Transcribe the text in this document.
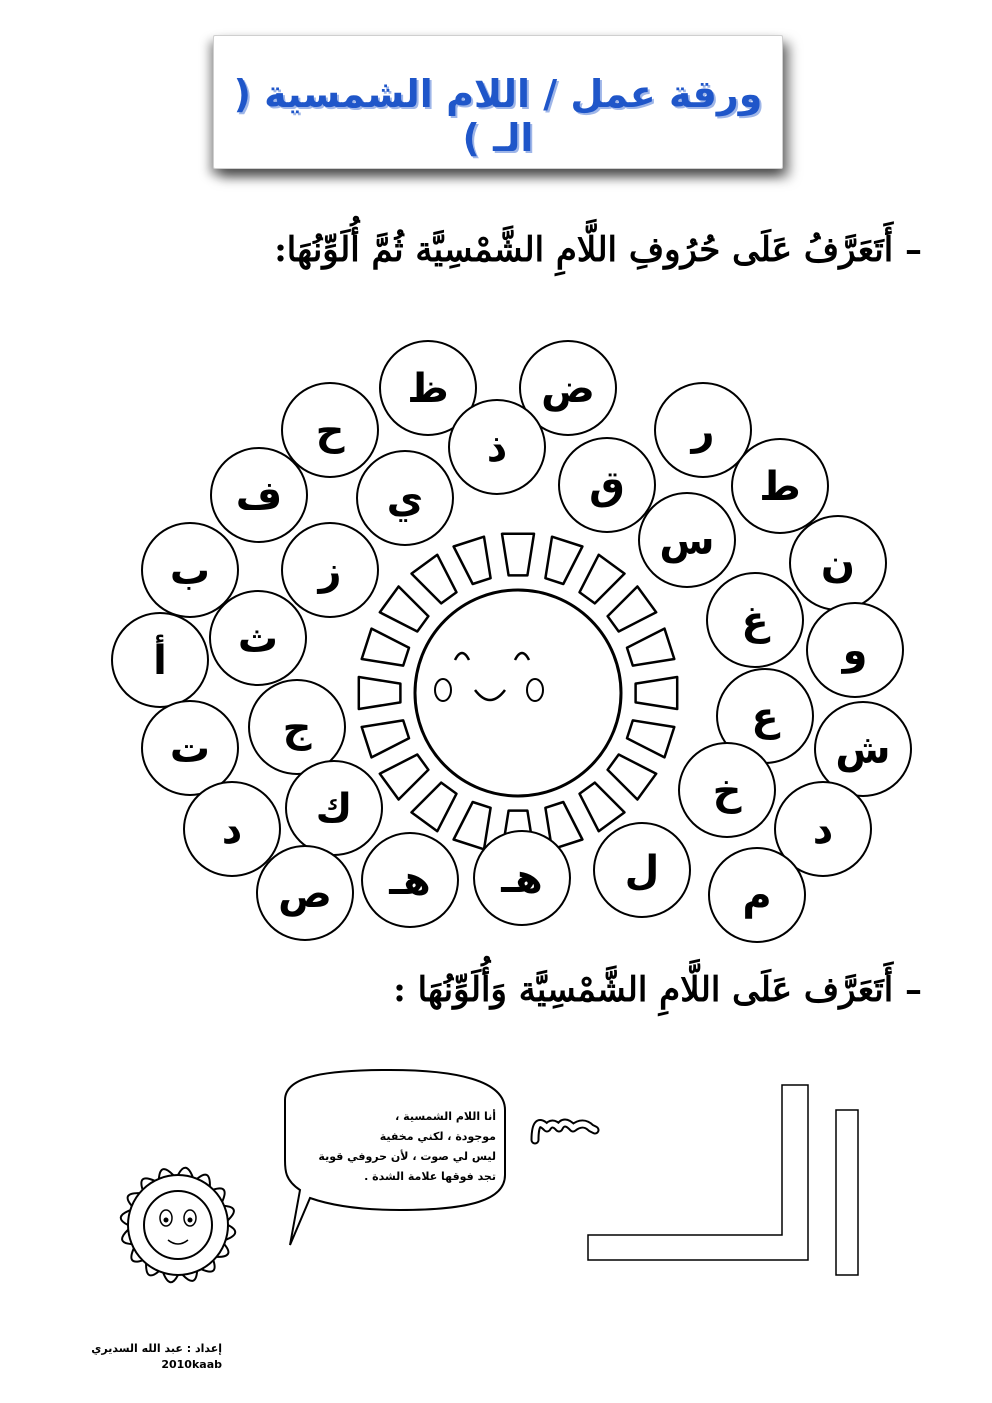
ورقة عمل / اللام الشمسية ( الـ )
– أَتَعَرَّفُ عَلَى حُرُوفِ اللَّامِ الشَّمْسِيَّة ثُمَّ أُلَوِّنُهَا:
ظ ض
ح	ذ	ر
ف	ي	ق	ط
ب	ز
س	ن
ث	غ
أ	و
ج	ع
ت	ش
ك	خ
د	د
ص هـ هـ ل
م
أنا اللام الشمسية ،
موجودة ، لكني مخفية
ليس لي صوت ، لأن حروفي قوية
تجد فوقها علامة الشدة .
– أَتَعَرَّف عَلَى اللَّامِ الشَّمْسِيَّة وَأُلَوِّنُهَا :
إعداد : عبد الله السديري
2010kaab
